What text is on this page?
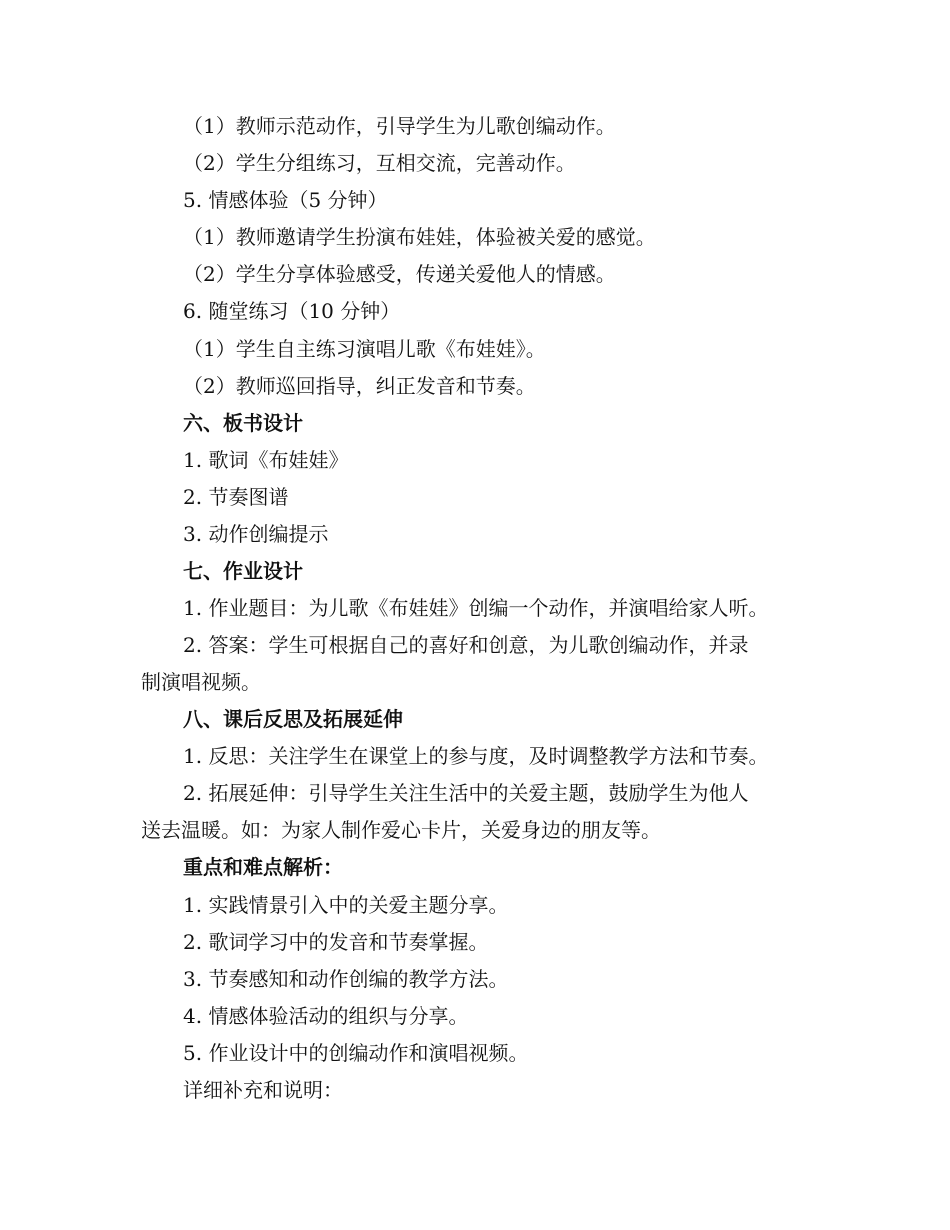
（1）教师示范动作，引导学生为儿歌创编动作。
（2）学生分组练习，互相交流，完善动作。
5. 情感体验（5 分钟）
（1）教师邀请学生扮演布娃娃，体验被关爱的感觉。
（2）学生分享体验感受，传递关爱他人的情感。
6. 随堂练习（10 分钟）
（1）学生自主练习演唱儿歌《布娃娃》。
（2）教师巡回指导，纠正发音和节奏。
六、板书设计
1. 歌词《布娃娃》
2. 节奏图谱
3. 动作创编提示
七、作业设计
1. 作业题目：为儿歌《布娃娃》创编一个动作，并演唱给家人听。
2. 答案：学生可根据自己的喜好和创意，为儿歌创编动作，并录
制演唱视频。
八、课后反思及拓展延伸
1. 反思：关注学生在课堂上的参与度，及时调整教学方法和节奏。
2. 拓展延伸：引导学生关注生活中的关爱主题，鼓励学生为他人
送去温暖。如：为家人制作爱心卡片，关爱身边的朋友等。
重点和难点解析：
1. 实践情景引入中的关爱主题分享。
2. 歌词学习中的发音和节奏掌握。
3. 节奏感知和动作创编的教学方法。
4. 情感体验活动的组织与分享。
5. 作业设计中的创编动作和演唱视频。
详细补充和说明：
